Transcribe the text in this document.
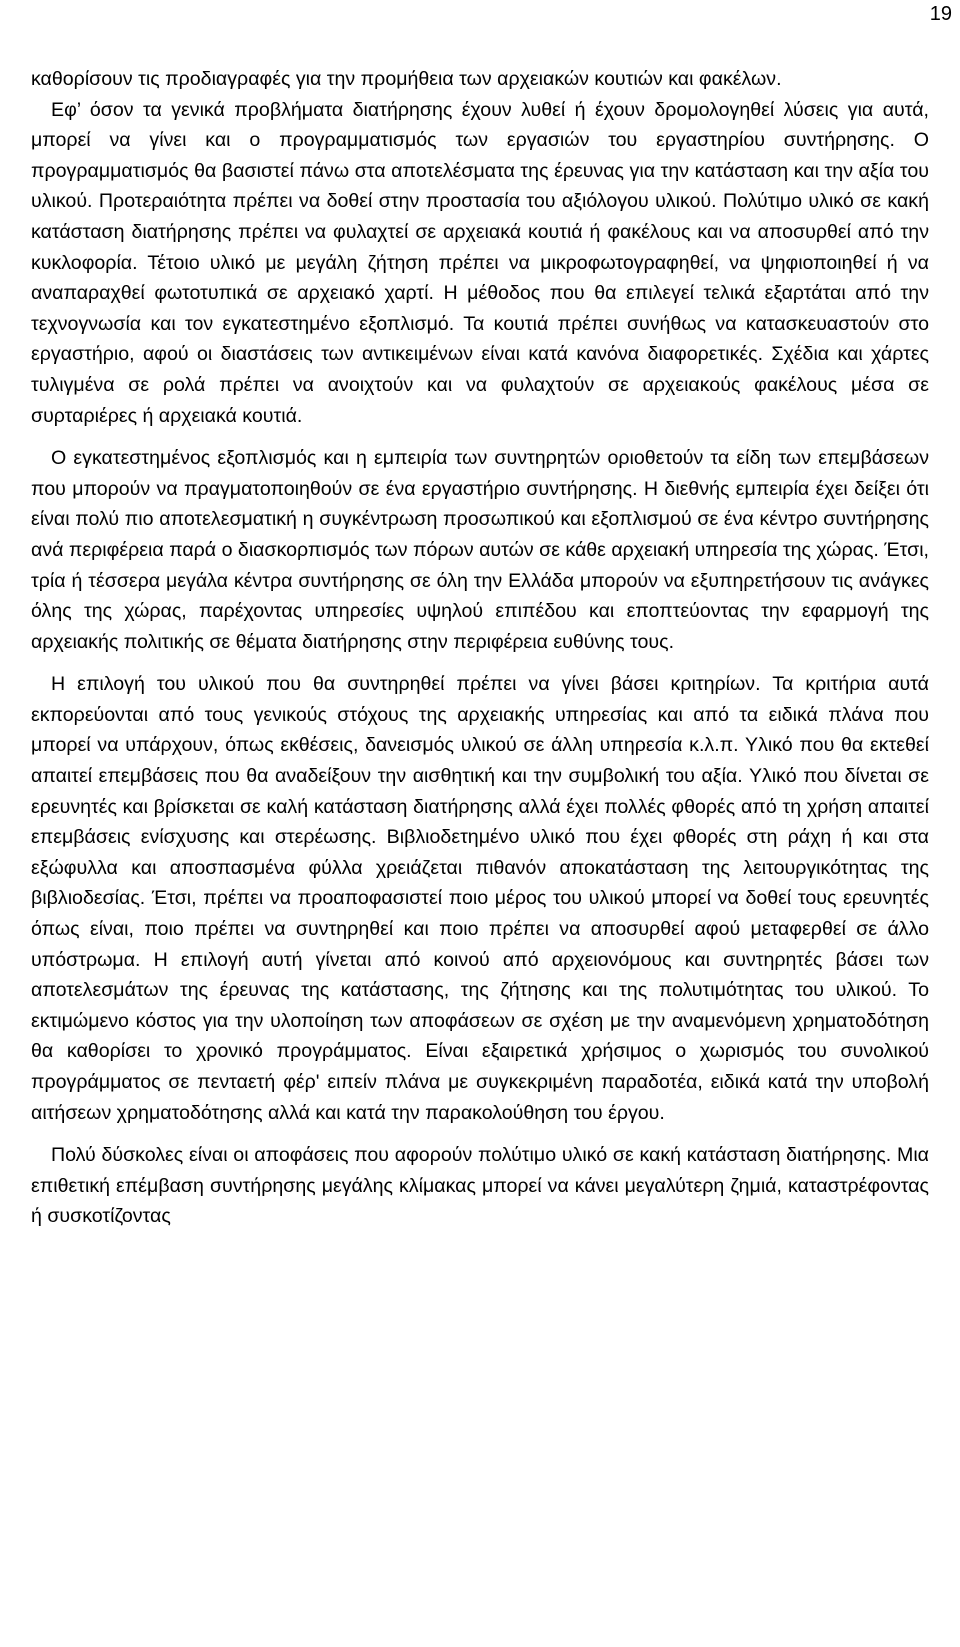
19

καθορίσουν τις προδιαγραφές για την προμήθεια των αρχειακών κουτιών και φακέλων.

Εφ’ όσον τα γενικά προβλήματα διατήρησης έχουν λυθεί ή έχουν δρομολογηθεί λύσεις για αυτά, μπορεί να γίνει και ο προγραμματισμός των εργασιών του εργαστηρίου συντήρησης. Ο προγραμματισμός θα βασιστεί πάνω στα αποτελέσματα της έρευνας για την κατάσταση και την αξία του υλικού. Προτεραιότητα πρέπει να δοθεί στην προστασία του αξιόλογου υλικού. Πολύτιμο υλικό σε κακή κατάσταση διατήρησης πρέπει να φυλαχτεί σε αρχειακά κουτιά ή φακέλους και να αποσυρθεί από την κυκλοφορία. Τέτοιο υλικό με μεγάλη ζήτηση πρέπει να μικροφωτογραφηθεί, να ψηφιοποιηθεί ή να αναπαραχθεί φωτοτυπικά σε αρχειακό χαρτί. Η μέθοδος που θα επιλεγεί τελικά εξαρτάται από την τεχνογνωσία και τον εγκατεστημένο εξοπλισμό. Τα κουτιά πρέπει συνήθως να κατασκευαστούν στο εργαστήριο, αφού οι διαστάσεις των αντικειμένων είναι κατά κανόνα διαφορετικές. Σχέδια και χάρτες τυλιγμένα σε ρολά πρέπει να ανοιχτούν και να φυλαχτούν σε αρχειακούς φακέλους μέσα σε συρταριέρες ή αρχειακά κουτιά.

Ο εγκατεστημένος εξοπλισμός και η εμπειρία των συντηρητών οριοθετούν τα είδη των επεμβάσεων που μπορούν να πραγματοποιηθούν σε ένα εργαστήριο συντήρησης. Η διεθνής εμπειρία έχει δείξει ότι είναι πολύ πιο αποτελεσματική η συγκέντρωση προσωπικού και εξοπλισμού σε ένα κέντρο συντήρησης ανά περιφέρεια παρά ο διασκορπισμός των πόρων αυτών σε κάθε αρχειακή υπηρεσία της χώρας. Έτσι, τρία ή τέσσερα μεγάλα κέντρα συντήρησης σε όλη την Ελλάδα μπορούν να εξυπηρετήσουν τις ανάγκες όλης της χώρας, παρέχοντας υπηρεσίες υψηλού επιπέδου και εποπτεύοντας την εφαρμογή της αρχειακής πολιτικής σε θέματα διατήρησης στην περιφέρεια ευθύνης τους.

Η επιλογή του υλικού που θα συντηρηθεί πρέπει να γίνει βάσει κριτηρίων. Τα κριτήρια αυτά εκπορεύονται από τους γενικούς στόχους της αρχειακής υπηρεσίας και από τα ειδικά πλάνα που μπορεί να υπάρχουν, όπως εκθέσεις, δανεισμός υλικού σε άλλη υπηρεσία κ.λ.π. Υλικό που θα εκτεθεί απαιτεί επεμβάσεις που θα αναδείξουν την αισθητική και την συμβολική του αξία. Υλικό που δίνεται σε ερευνητές και βρίσκεται σε καλή κατάσταση διατήρησης αλλά έχει πολλές φθορές από τη χρήση απαιτεί επεμβάσεις ενίσχυσης και στερέωσης. Βιβλιοδετημένο υλικό που έχει φθορές στη ράχη ή και στα εξώφυλλα και αποσπασμένα φύλλα χρειάζεται πιθανόν αποκατάσταση της λειτουργικότητας της βιβλιοδεσίας. Έτσι, πρέπει να προαποφασιστεί ποιο μέρος του υλικού μπορεί να δοθεί τους ερευνητές όπως είναι, ποιο πρέπει να συντηρηθεί και ποιο πρέπει να αποσυρθεί αφού μεταφερθεί σε άλλο υπόστρωμα. Η επιλογή αυτή γίνεται από κοινού από αρχειονόμους και συντηρητές βάσει των αποτελεσμάτων της έρευνας της κατάστασης, της ζήτησης και της πολυτιμότητας του υλικού. Το εκτιμώμενο κόστος για την υλοποίηση των αποφάσεων σε σχέση με την αναμενόμενη χρηματοδότηση θα καθορίσει το χρονικό προγράμματος. Είναι εξαιρετικά χρήσιμος ο χωρισμός του συνολικού προγράμματος σε πενταετή φέρ' ειπείν πλάνα με συγκεκριμένη παραδοτέα, ειδικά κατά την υποβολή αιτήσεων χρηματοδότησης αλλά και κατά την παρακολούθηση του έργου.

Πολύ δύσκολες είναι οι αποφάσεις που αφορούν πολύτιμο υλικό σε κακή κατάσταση διατήρησης. Μια επιθετική επέμβαση συντήρησης μεγάλης κλίμακας μπορεί να κάνει μεγαλύτερη ζημιά, καταστρέφοντας ή συσκοτίζοντας
